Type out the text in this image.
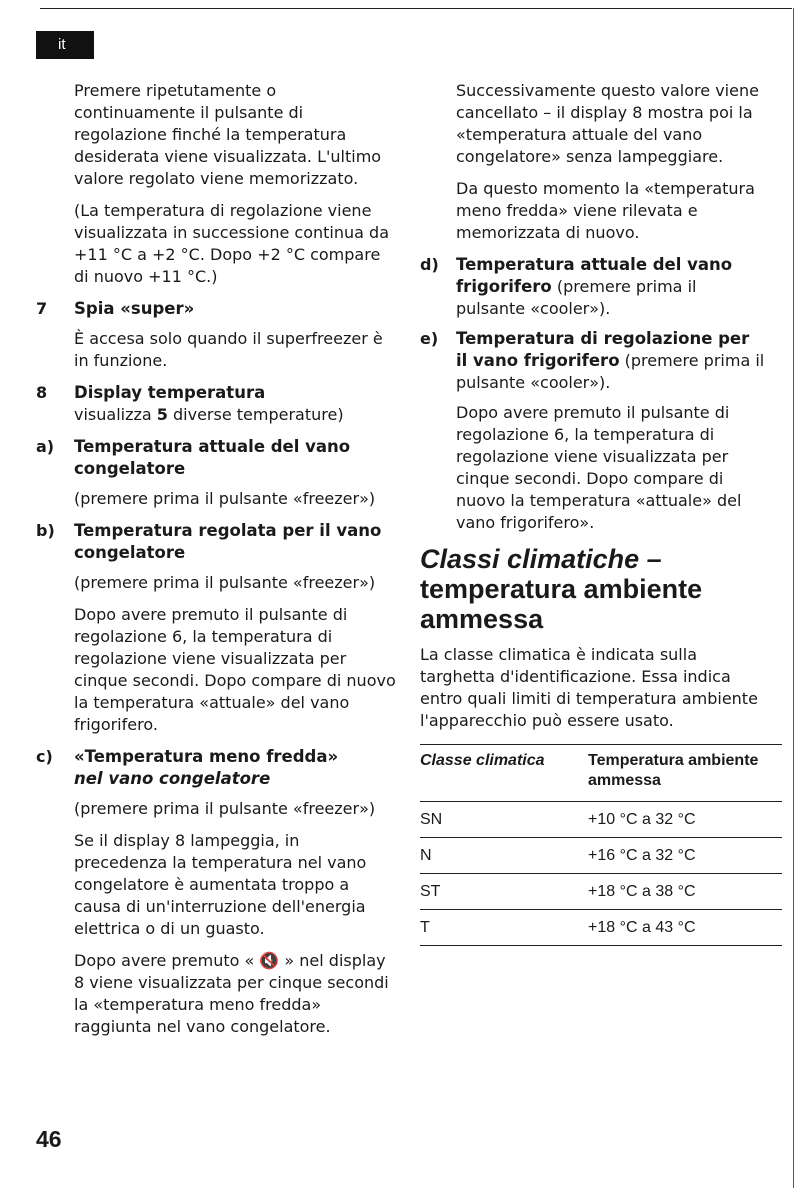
it

Premere ripetutamente o continuamente il pulsante di regolazione finché la temperatura desiderata viene visualizzata. L'ultimo valore regolato viene memorizzato.

(La temperatura di regolazione viene visualizzata in successione continua da +11 °C a +2 °C. Dopo +2 °C compare di nuovo +11 °C.)

7	Spia «super»

È accesa solo quando il superfreezer è in funzione.

8	Display temperatura

visualizza 5 diverse temperature)

a)	Temperatura attuale del vano congelatore

(premere prima il pulsante «freezer»)

b)	Temperatura regolata per il vano congelatore

(premere prima il pulsante «freezer»)

Dopo avere premuto il pulsante di regolazione 6, la temperatura di regolazione viene visualizzata per cinque secondi. Dopo compare di nuovo la temperatura «attuale» del vano frigorifero.

c)	«Temperatura meno fredda»
nel vano congelatore

(premere prima il pulsante «freezer»)

Se il display 8 lampeggia, in precedenza la temperatura nel vano congelatore è aumentata troppo a causa di un'interruzione dell'energia elettrica o di un guasto.

Dopo avere premuto « 🔇 » nel display 8 viene visualizzata per cinque secondi la «temperatura meno fredda» raggiunta nel vano congelatore.

Successivamente questo valore viene cancellato – il display 8 mostra poi la «temperatura attuale del vano congelatore» senza lampeggiare.

Da questo momento la «temperatura meno fredda» viene rilevata e memorizzata di nuovo.

d)	Temperatura attuale del vano frigorifero (premere prima il pulsante «cooler»).
e)	Temperatura di regolazione per il vano frigorifero (premere prima il pulsante «cooler»).

Dopo avere premuto il pulsante di regolazione 6, la temperatura di regolazione viene visualizzata per cinque secondi. Dopo compare di nuovo la temperatura «attuale» del vano frigorifero».

Classi climatiche –
temperatura ambiente
ammessa

La classe climatica è indicata sulla targhetta d'identificazione. Essa indica entro quali limiti di temperatura ambiente l'apparecchio può essere usato.

Classe climatica	Temperatura ambiente ammessa
SN	+10 °C a 32 °C
N	+16 °C a 32 °C
ST	+18 °C a 38 °C
T	+18 °C a 43 °C
46
